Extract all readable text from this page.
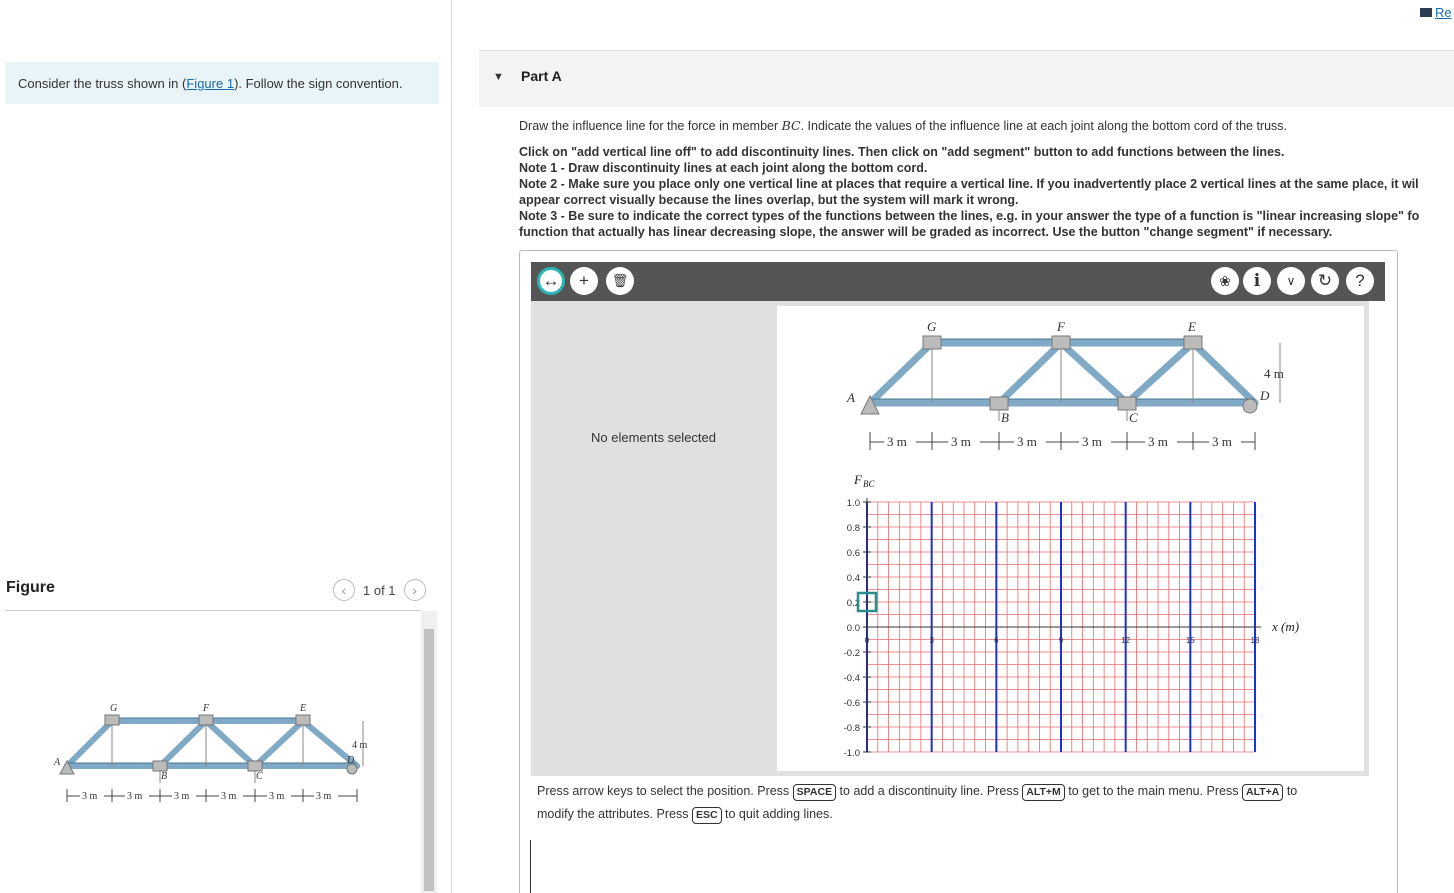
Consider the truss shown in (Figure 1). Follow the sign convention.
Figure	‹	1 of 1	›
G	F	E
A
B	C
D
4 m
3 m	3 m	3 m	3 m	3 m	3 m
Re
▼ Part A

Draw the influence line for the force in member BC. Indicate the values of the influence line at each joint along the bottom cord of the truss.

Click on "add vertical line off" to add discontinuity lines. Then click on "add segment" button to add functions between the lines.

Note 1 - Draw discontinuity lines at each joint along the bottom cord.

Note 2 - Make sure you place only one vertical line at places that require a vertical line. If you inadvertently place 2 vertical lines at the same place, it wil

appear correct visually because the lines overlap, but the system will mark it wrong.

Note 3 - Be sure to indicate the correct types of the functions between the lines, e.g. in your answer the type of a function is "linear increasing slope" fo

function that actually has linear decreasing slope, the answer will be graded as incorrect. Use the button "change segment" if necessary.

↔	+	🗑	❀	i	∨	↻	?
No elements selected
G	F	E
A
B	C
D
4 m
3 m	3 m	3 m	3 m	3 m	3 m
F BC
1.0
0.8
0.6
0.4
0.2
0.0
-0.2
-0.4
-0.6
-0.8
-1.0
0	3	6	9	12	15	18
x (m)
Press arrow keys to select the position. Press SPACE to add a discontinuity line. Press ALT+M to get to the main menu. Press ALT+A to
modify the attributes. Press ESC to quit adding lines.
